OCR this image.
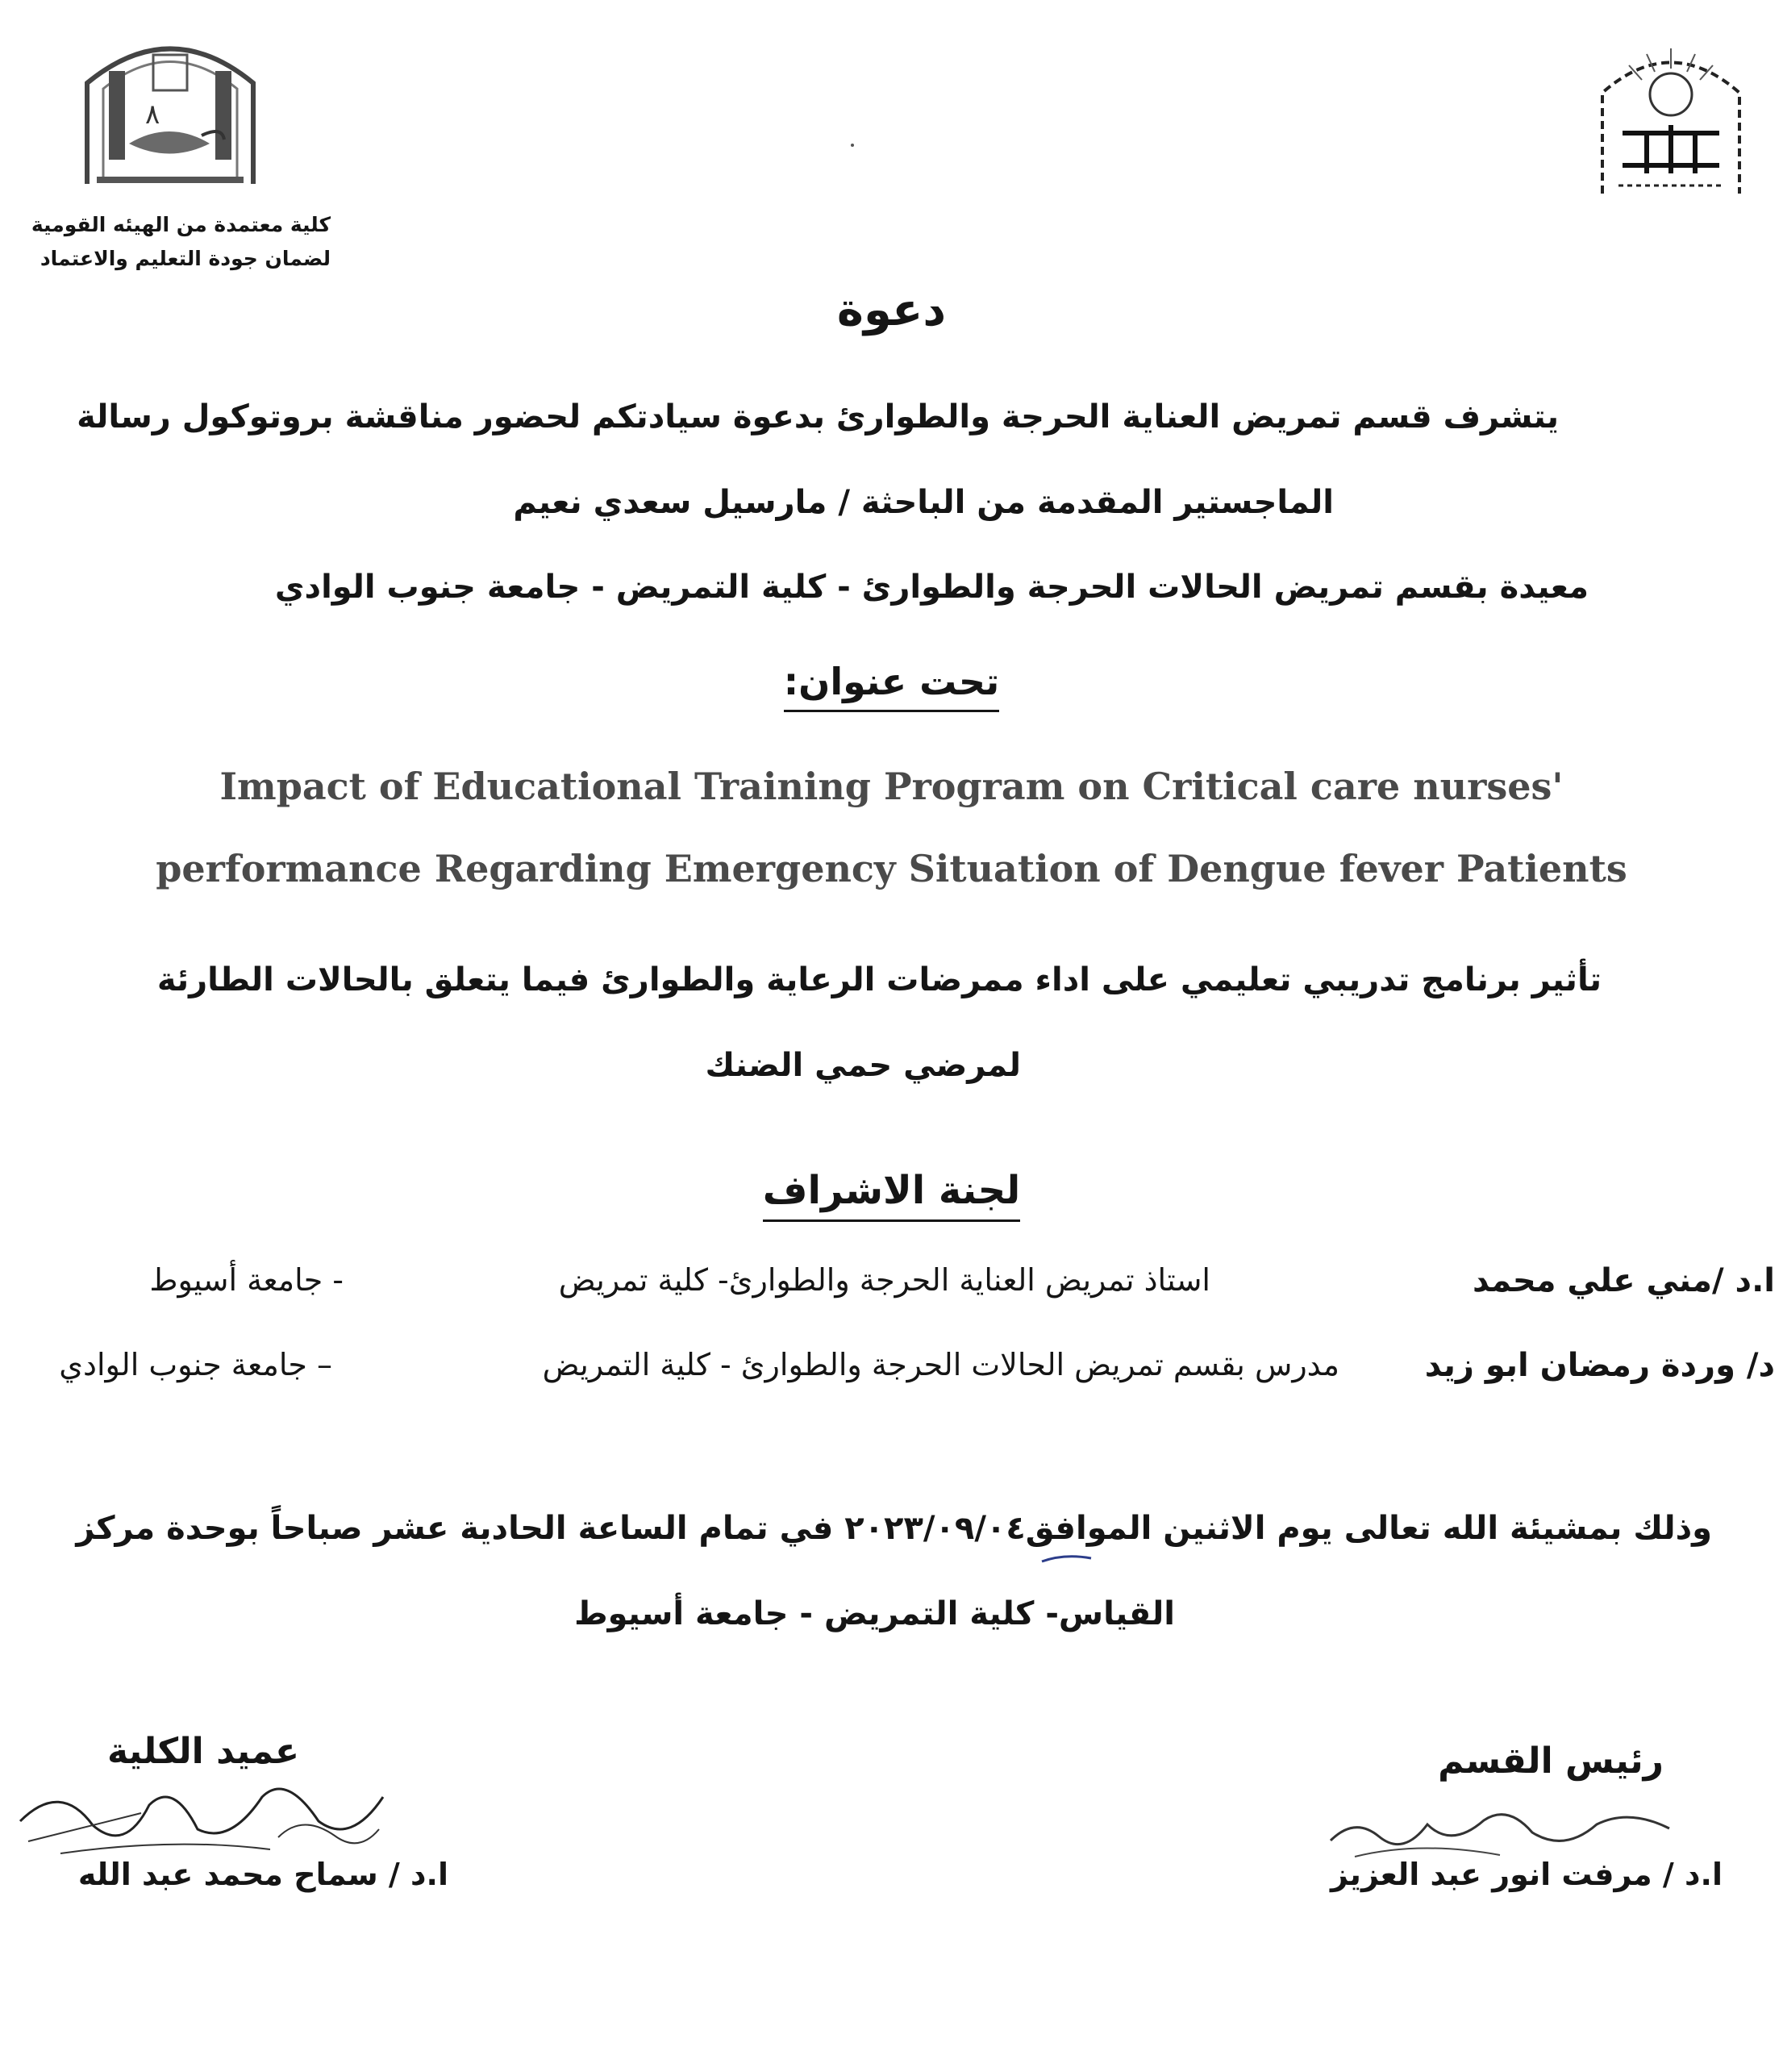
٨
كلية معتمدة من الهيئه القومية
لضمان جودة التعليم والاعتماد
دعوة
يتشرف قسم تمريض العناية الحرجة والطوارئ بدعوة سيادتكم لحضور مناقشة بروتوكول رسالة
الماجستير المقدمة من الباحثة / مارسيل سعدي نعيم
معيدة بقسم تمريض الحالات الحرجة والطوارئ - كلية التمريض - جامعة جنوب الوادي
تحت عنوان:
Impact of Educational Training Program on Critical care nurses'
performance Regarding Emergency Situation of Dengue fever Patients
تأثير برنامج تدريبي تعليمي على اداء ممرضات الرعاية والطوارئ فيما يتعلق بالحالات الطارئة
لمرضي حمي الضنك
لجنة الاشراف
ا.د /مني علي محمد
استاذ تمريض العناية الحرجة والطوارئ- كلية تمريض
- جامعة أسيوط
د/ وردة رمضان ابو زيد
مدرس بقسم تمريض الحالات الحرجة والطوارئ - كلية التمريض
– جامعة جنوب الوادي
وذلك بمشيئة الله تعالى يوم الاثنين الموافق٢٠٢٣/٠٩/٠٤ في تمام الساعة الحادية عشر صباحاً بوحدة مركز
القياس- كلية التمريض - جامعة أسيوط
رئيس القسم
ا.د / مرفت انور عبد العزيز
عميد الكلية
ا.د / سماح محمد عبد الله
